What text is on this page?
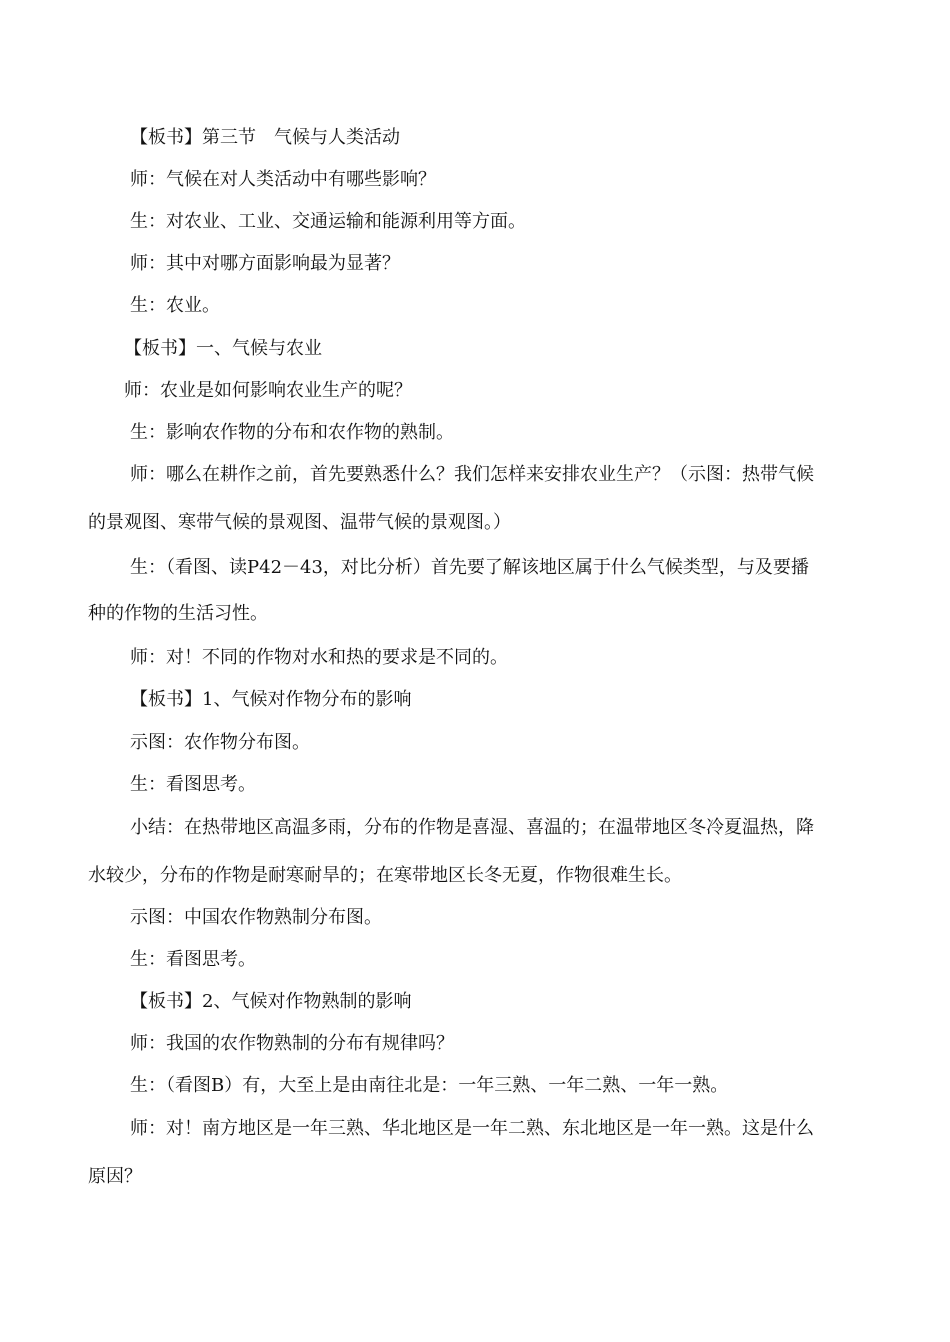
【板书】第三节　气候与人类活动
师：气候在对人类活动中有哪些影响？
生：对农业、工业、交通运输和能源利用等方面。
师：其中对哪方面影响最为显著？
生：农业。
【板书】一、气候与农业
师：农业是如何影响农业生产的呢？
生：影响农作物的分布和农作物的熟制。
师：哪么在耕作之前，首先要熟悉什么？我们怎样来安排农业生产？（示图：热带气候
的景观图、寒带气候的景观图、温带气候的景观图。）
生：（看图、读P42－43，对比分析）首先要了解该地区属于什么气候类型，与及要播
种的作物的生活习性。
师：对！不同的作物对水和热的要求是不同的。
【板书】1、气候对作物分布的影响
示图：农作物分布图。
生：看图思考。
小结：在热带地区高温多雨，分布的作物是喜湿、喜温的；在温带地区冬冷夏温热，降
水较少，分布的作物是耐寒耐旱的；在寒带地区长冬无夏，作物很难生长。
示图：中国农作物熟制分布图。
生：看图思考。
【板书】2、气候对作物熟制的影响
师：我国的农作物熟制的分布有规律吗？
生：（看图B）有，大至上是由南往北是：一年三熟、一年二熟、一年一熟。
师：对！南方地区是一年三熟、华北地区是一年二熟、东北地区是一年一熟。这是什么
原因？
